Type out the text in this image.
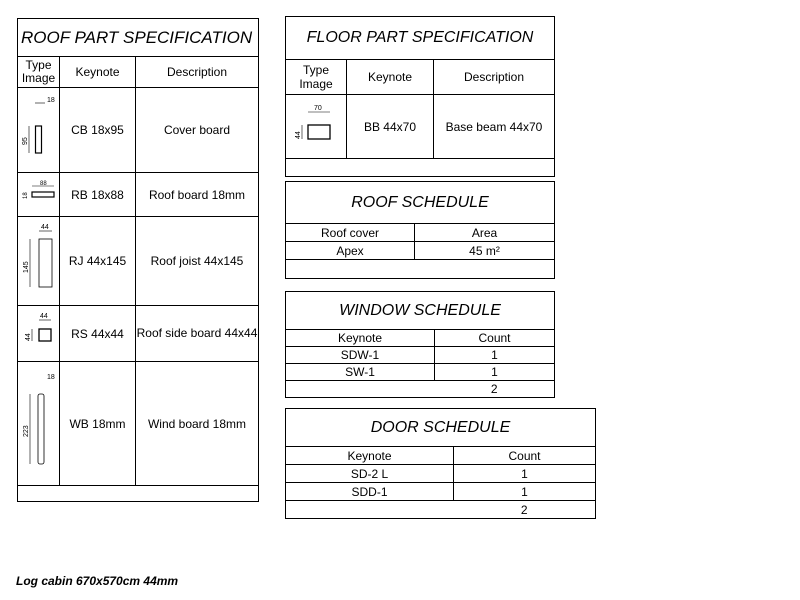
ROOF PART SPECIFICATION		
Type Image	Keynote	Description

18
95	CB 18x95	Cover board

88
18	RB 18x88	Roof board 18mm

44
145	RJ 44x145	Roof joist 44x145

44
44	RS 44x44	Roof side board 44x44

18
223	WB 18mm	Wind board 18mm

FLOOR PART SPECIFICATION		
Type Image	Keynote	Description

70
44	BB 44x70	Base beam 44x70

ROOF SCHEDULE	
Roof cover	Area
Apex	45 m²

WINDOW SCHEDULE	
Keynote	Count
SDW-1	1
SW-1	1
	2
DOOR SCHEDULE	
Keynote	Count
SD-2 L	1
SDD-1	1
	2
Log cabin 670x570cm 44mm
